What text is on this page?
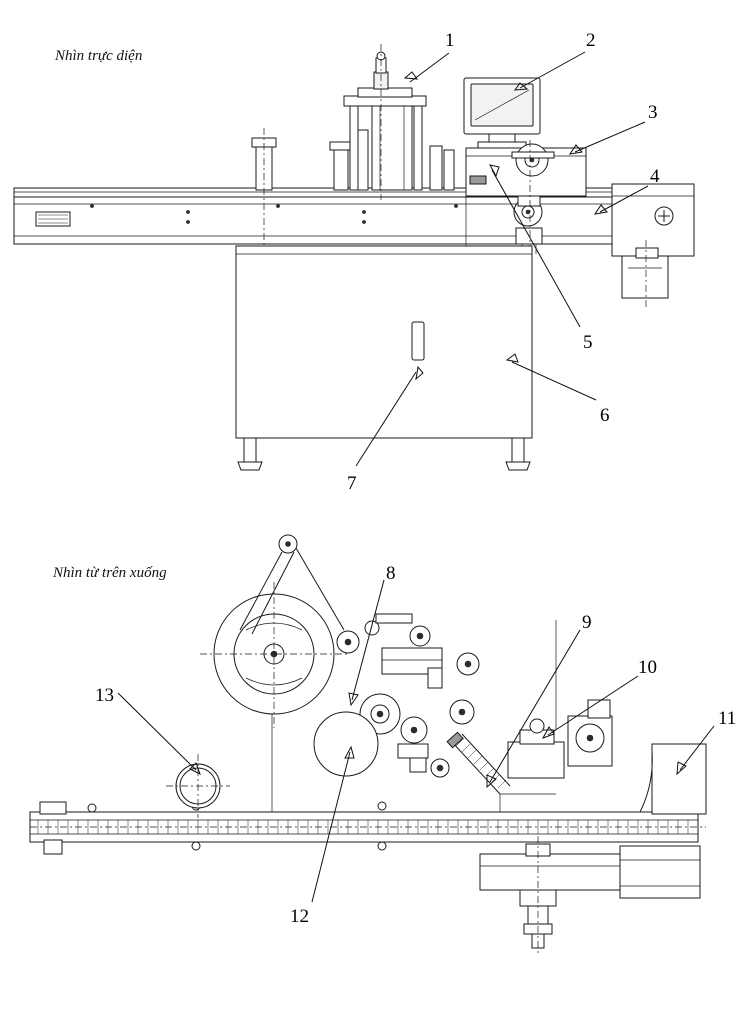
Nhìn trực diện
Nhìn từ trên xuống
1	2
3
4
5
6
7
8
9
10
11
12
13
